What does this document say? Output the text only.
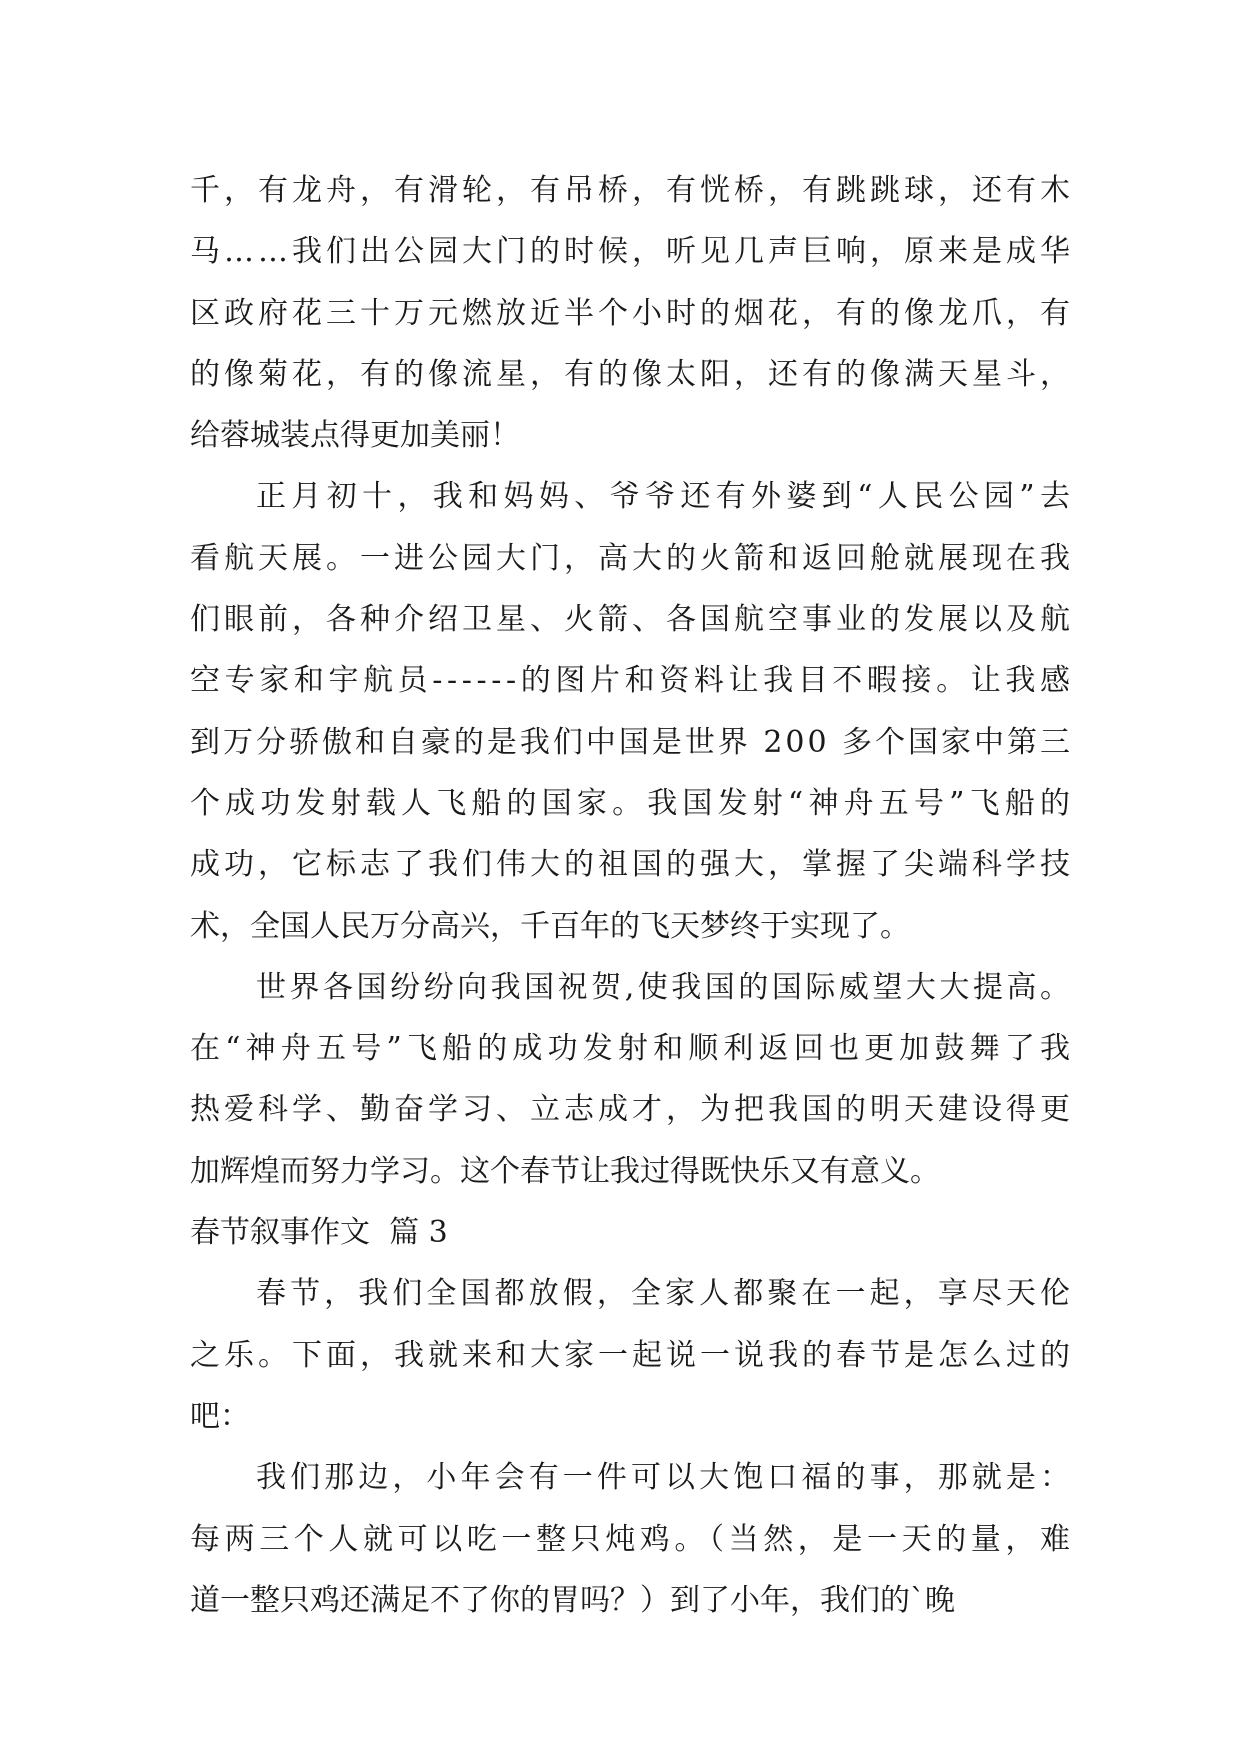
千，有龙舟，有滑轮，有吊桥，有恍桥，有跳跳球，还有木
马……我们出公园大门的时候，听见几声巨响，原来是成华
区政府花三十万元燃放近半个小时的烟花，有的像龙爪，有
的像菊花，有的像流星，有的像太阳，还有的像满天星斗，
给蓉城装点得更加美丽！
正月初十，我和妈妈、爷爷还有外婆到“人民公园”去
看航天展。一进公园大门，高大的火箭和返回舱就展现在我
们眼前，各种介绍卫星、火箭、各国航空事业的发展以及航
空专家和宇航员------的图片和资料让我目不暇接。让我感
到万分骄傲和自豪的是我们中国是世界 200 多个国家中第三
个成功发射载人飞船的国家。我国发射“神舟五号”飞船的
成功，它标志了我们伟大的祖国的强大，掌握了尖端科学技
术，全国人民万分高兴，千百年的飞天梦终于实现了。
世界各国纷纷向我国祝贺,使我国的国际威望大大提高。
在“神舟五号”飞船的成功发射和顺利返回也更加鼓舞了我
热爱科学、勤奋学习、立志成才，为把我国的明天建设得更
加辉煌而努力学习。这个春节让我过得既快乐又有意义。
春节叙事作文  篇 3
春节，我们全国都放假，全家人都聚在一起，享尽天伦
之乐。下面，我就来和大家一起说一说我的春节是怎么过的
吧：
我们那边，小年会有一件可以大饱口福的事，那就是：
每两三个人就可以吃一整只炖鸡。（当然，是一天的量，难
道一整只鸡还满足不了你的胃吗？）到了小年，我们的`晚
